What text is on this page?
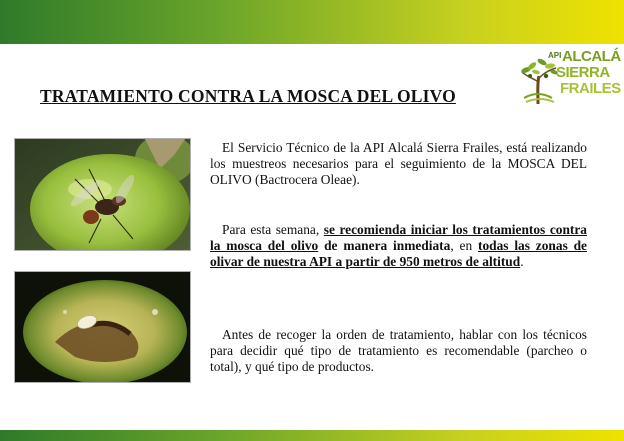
API ALCALÁ
SIERRA
FRAILES
TRATAMIENTO CONTRA LA MOSCA DEL OLIVO

El Servicio Técnico de la API Alcalá Sierra Frailes, está realizando los muestreos necesarios para el seguimiento de la MOSCA DEL OLIVO (Bactrocera Oleae).

Para esta semana, se recomienda iniciar los tratamientos contra la mosca del olivo de manera inmediata, en todas las zonas de olivar de nuestra API a partir de 950 metros de altitud.

Antes de recoger la orden de tratamiento, hablar con los técnicos para decidir qué tipo de tratamiento es recomendable (parcheo o total), y qué tipo de productos.
